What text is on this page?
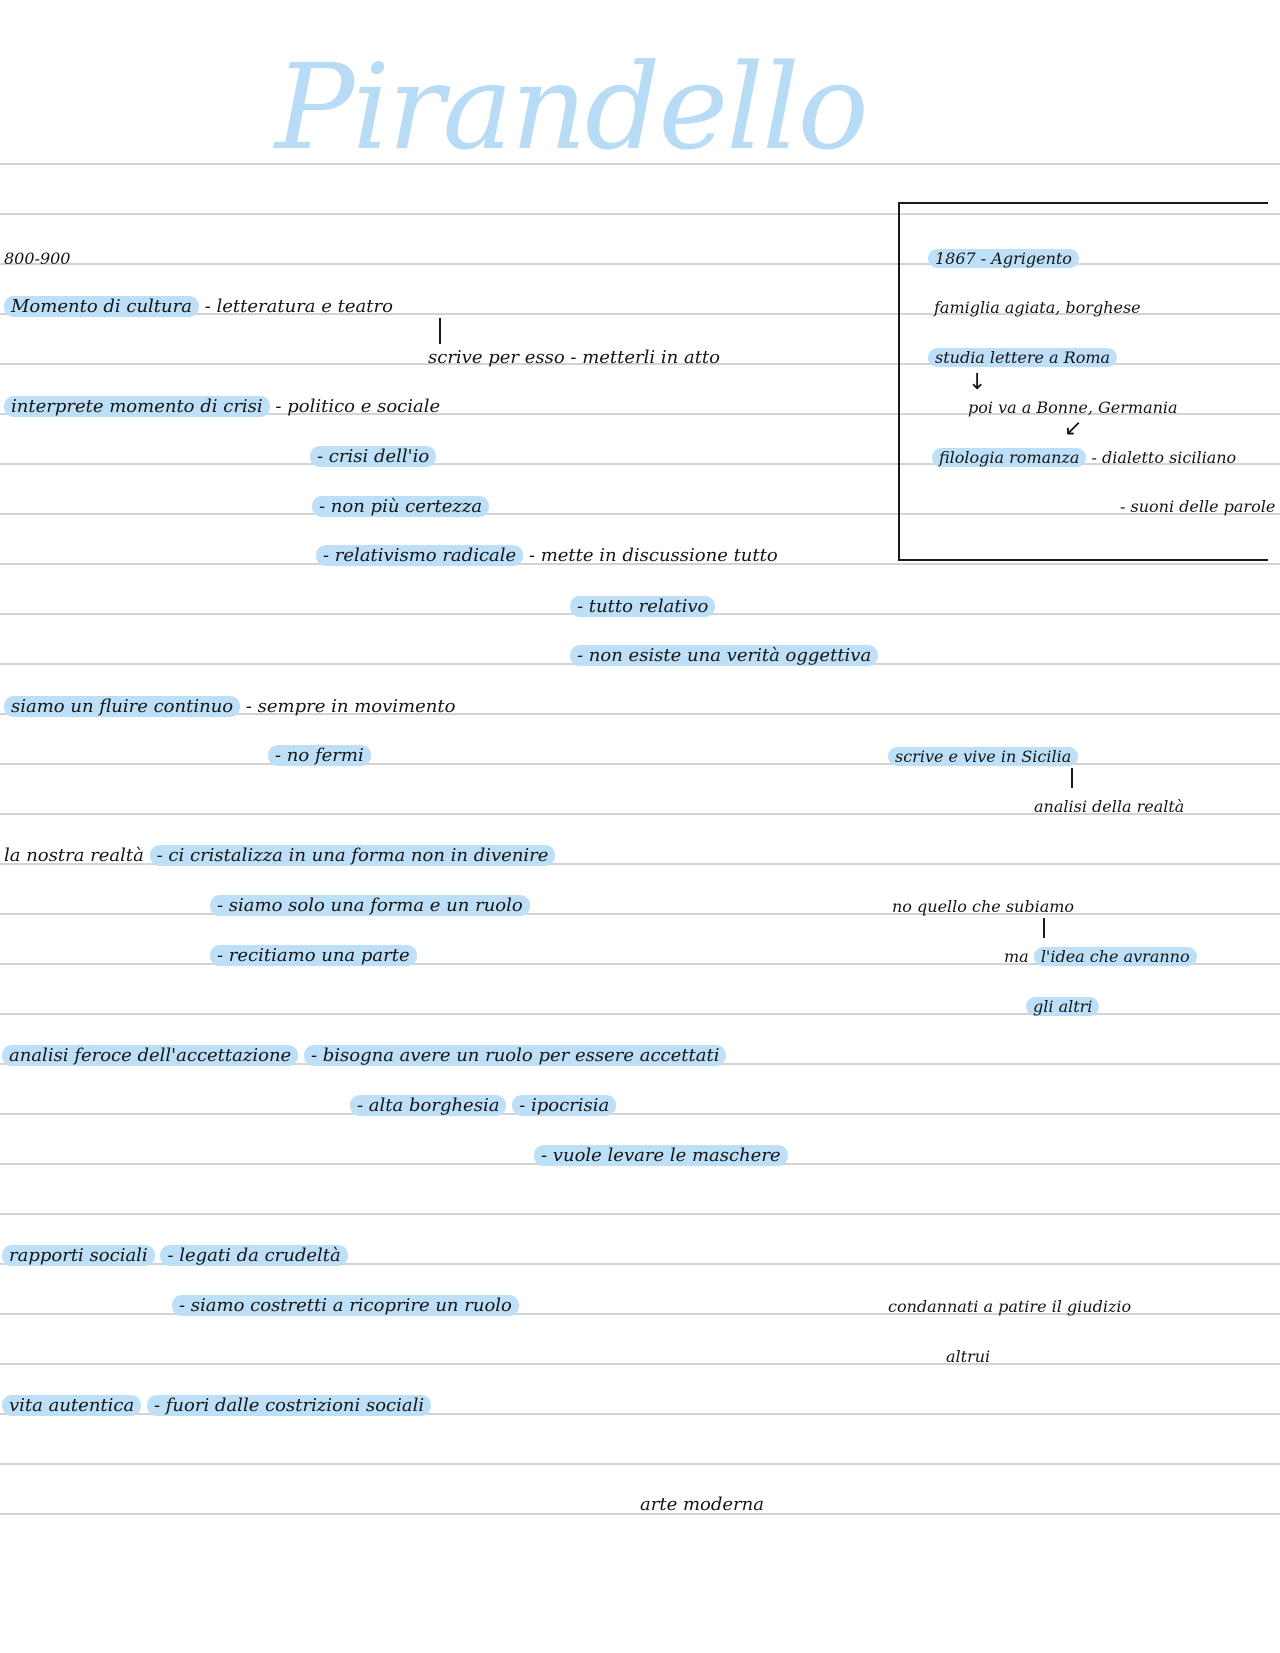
Pirandello
800-900
Momento di cultura - letteratura e teatro
scrive per esso - metterli in atto
interprete momento di crisi - politico e sociale
- crisi dell'io
- non più certezza
- relativismo radicale - mette in discussione tutto
- tutto relativo
- non esiste una verità oggettiva
siamo un fluire continuo - sempre in movimento
- no fermi
la nostra realtà - ci cristalizza in una forma non in divenire
- siamo solo una forma e un ruolo
- recitiamo una parte
analisi feroce dell'accettazione - bisogna avere un ruolo per essere accettati
- alta borghesia - ipocrisia
- vuole levare le maschere
rapporti sociali - legati da crudeltà
- siamo costretti a ricoprire un ruolo
vita autentica - fuori dalle costrizioni sociali
arte moderna
1867 - Agrigento
famiglia agiata, borghese
studia lettere a Roma
↓
poi va a Bonne, Germania
↙
filologia romanza - dialetto siciliano
- suoni delle parole
scrive e vive in Sicilia
analisi della realtà
no quello che subiamo
ma l'idea che avranno
gli altri
condannati a patire il giudizio
altrui
